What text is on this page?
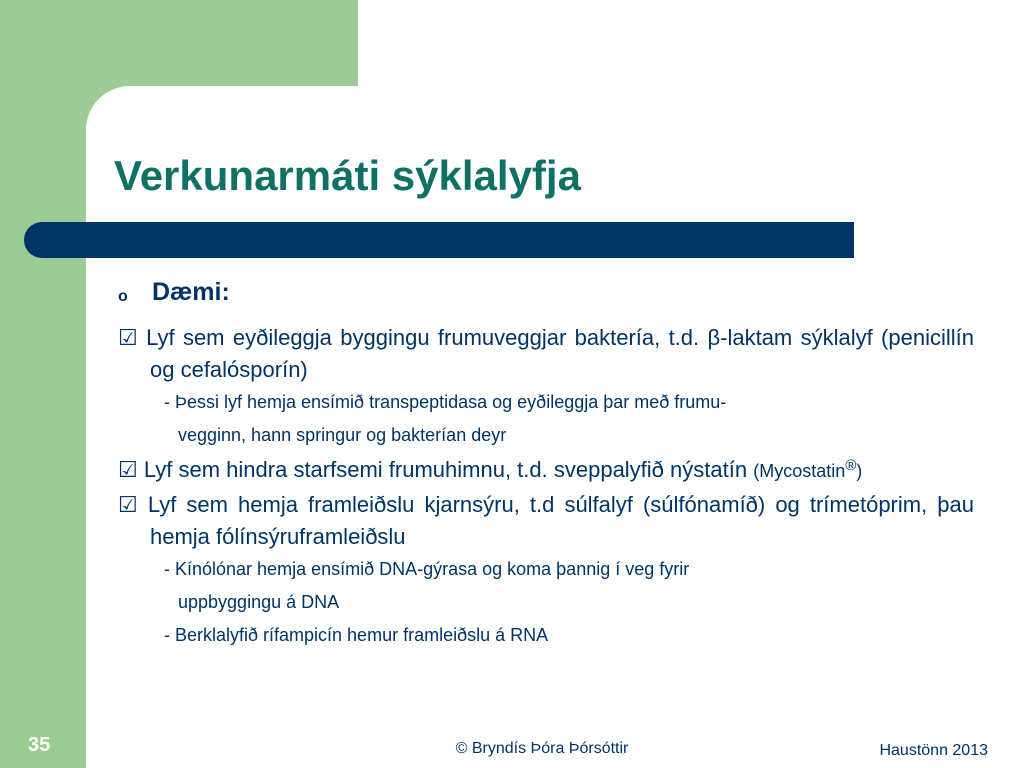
Verkunarmáti sýklalyfja
o Dæmi:
☑ Lyf sem eyðileggja byggingu frumuveggjar baktería, t.d. β-laktam sýklalyf (penicillín og cefalósporín)
- Þessi lyf hemja ensímið transpeptidasa og eyðileggja þar með frumu-
vegginn, hann springur og bakterían deyr
☑ Lyf sem hindra starfsemi frumuhimnu, t.d. sveppalyfið nýstatín (Mycostatin®)
☑ Lyf sem hemja framleiðslu kjarnsýru, t.d súlfalyf (súlfónamíð) og trímetóprim, þau hemja fólínsýruframleiðslu
- Kínólónar hemja ensímið DNA-gýrasa og koma þannig í veg fyrir
uppbyggingu á DNA
- Berklalyfið rífampicín hemur framleiðslu á RNA
35	© Bryndís Þóra Þórsóttir	Haustönn 2013
